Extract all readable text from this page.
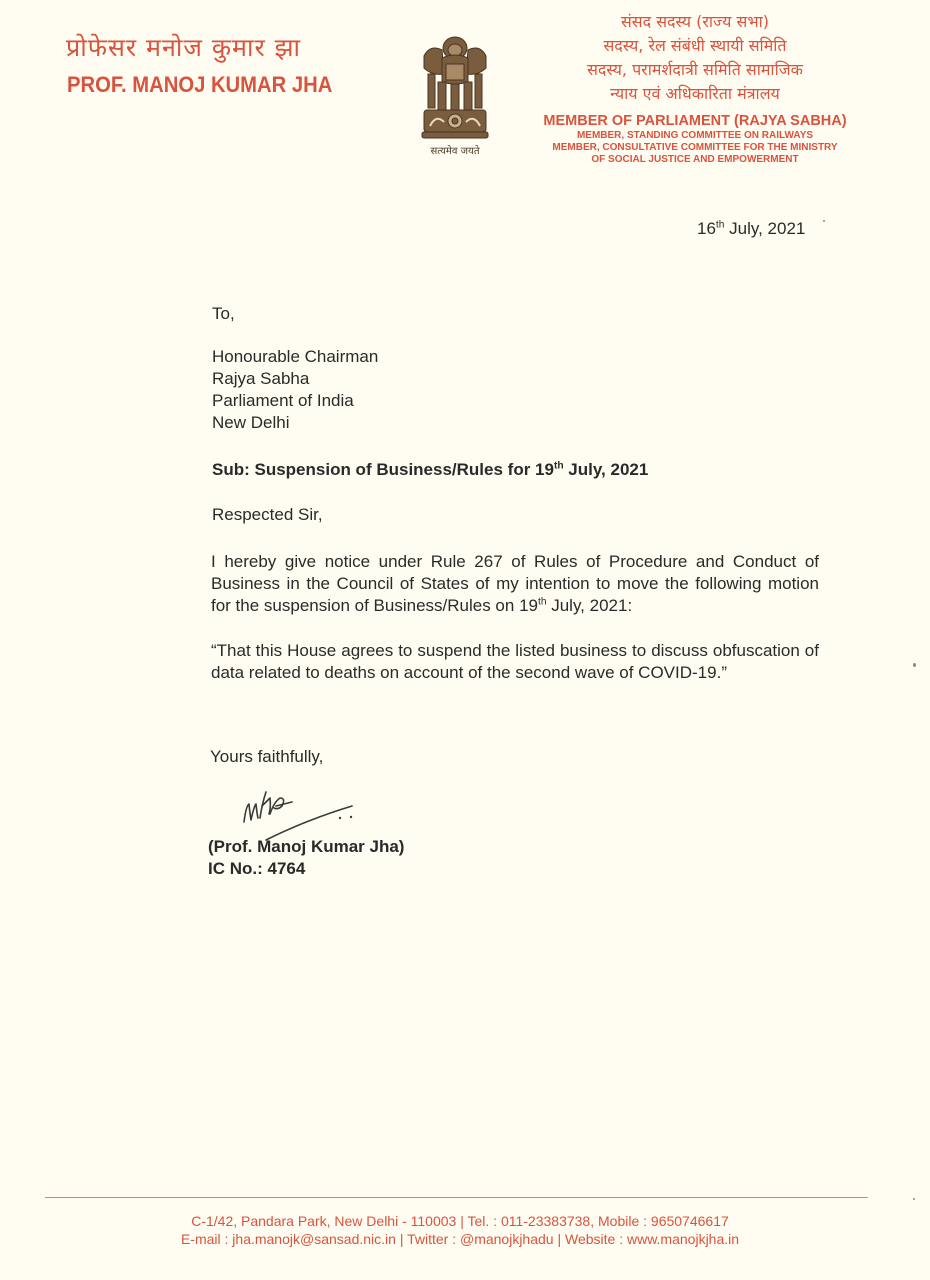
प्रोफेसर मनोज कुमार झा
PROF. MANOJ KUMAR JHA
सत्यमेव जयते
संसद सदस्य (राज्य सभा)
सदस्य, रेल संबंधी स्थायी समिति
सदस्य, परामर्शदात्री समिति सामाजिक
न्याय एवं अधिकारिता मंत्रालय
MEMBER OF PARLIAMENT (RAJYA SABHA)
MEMBER, STANDING COMMITTEE ON RAILWAYS
MEMBER, CONSULTATIVE COMMITTEE FOR THE MINISTRY
OF SOCIAL JUSTICE AND EMPOWERMENT
16th July, 2021
To,
Honourable Chairman
Rajya Sabha
Parliament of India
New Delhi
Sub: Suspension of Business/Rules for 19th July, 2021
Respected Sir,
I hereby give notice under Rule 267 of Rules of Procedure and Conduct of Business in the Council of States of my intention to move the following motion for the suspension of Business/Rules on 19th July, 2021:
“That this House agrees to suspend the listed business to discuss obfuscation of data related to deaths on account of the second wave of COVID-19.”
Yours faithfully,
(Prof. Manoj Kumar Jha)
IC No.: 4764
C-1/42, Pandara Park, New Delhi - 110003 | Tel. : 011-23383738, Mobile : 9650746617
E-mail : jha.manojk@sansad.nic.in | Twitter : @manojkjhadu | Website : www.manojkjha.in
